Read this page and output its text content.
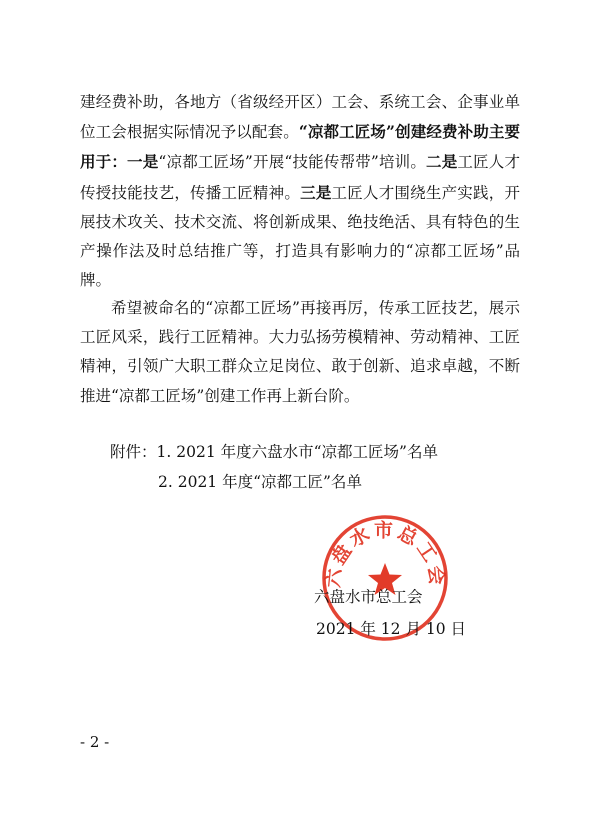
建经费补助，各地方（省级经开区）工会、系统工会、企事业单位工会根据实际情况予以配套。“凉都工匠场”创建经费补助主要用于：一是“凉都工匠场”开展“技能传帮带”培训。二是工匠人才传授技能技艺，传播工匠精神。三是工匠人才围绕生产实践，开展技术攻关、技术交流、将创新成果、绝技绝活、具有特色的生产操作法及时总结推广等，打造具有影响力的“凉都工匠场”品牌。

希望被命名的“凉都工匠场”再接再厉，传承工匠技艺，展示工匠风采，践行工匠精神。大力弘扬劳模精神、劳动精神、工匠精神，引领广大职工群众立足岗位、敢于创新、追求卓越，不断推进“凉都工匠场”创建工作再上新台阶。

附件：1. 2021 年度六盘水市“凉都工匠场”名单
2. 2021 年度“凉都工匠”名单
六盘水市总工会
六盘水市总工会
2021 年 12 月 10 日
- 2 -
